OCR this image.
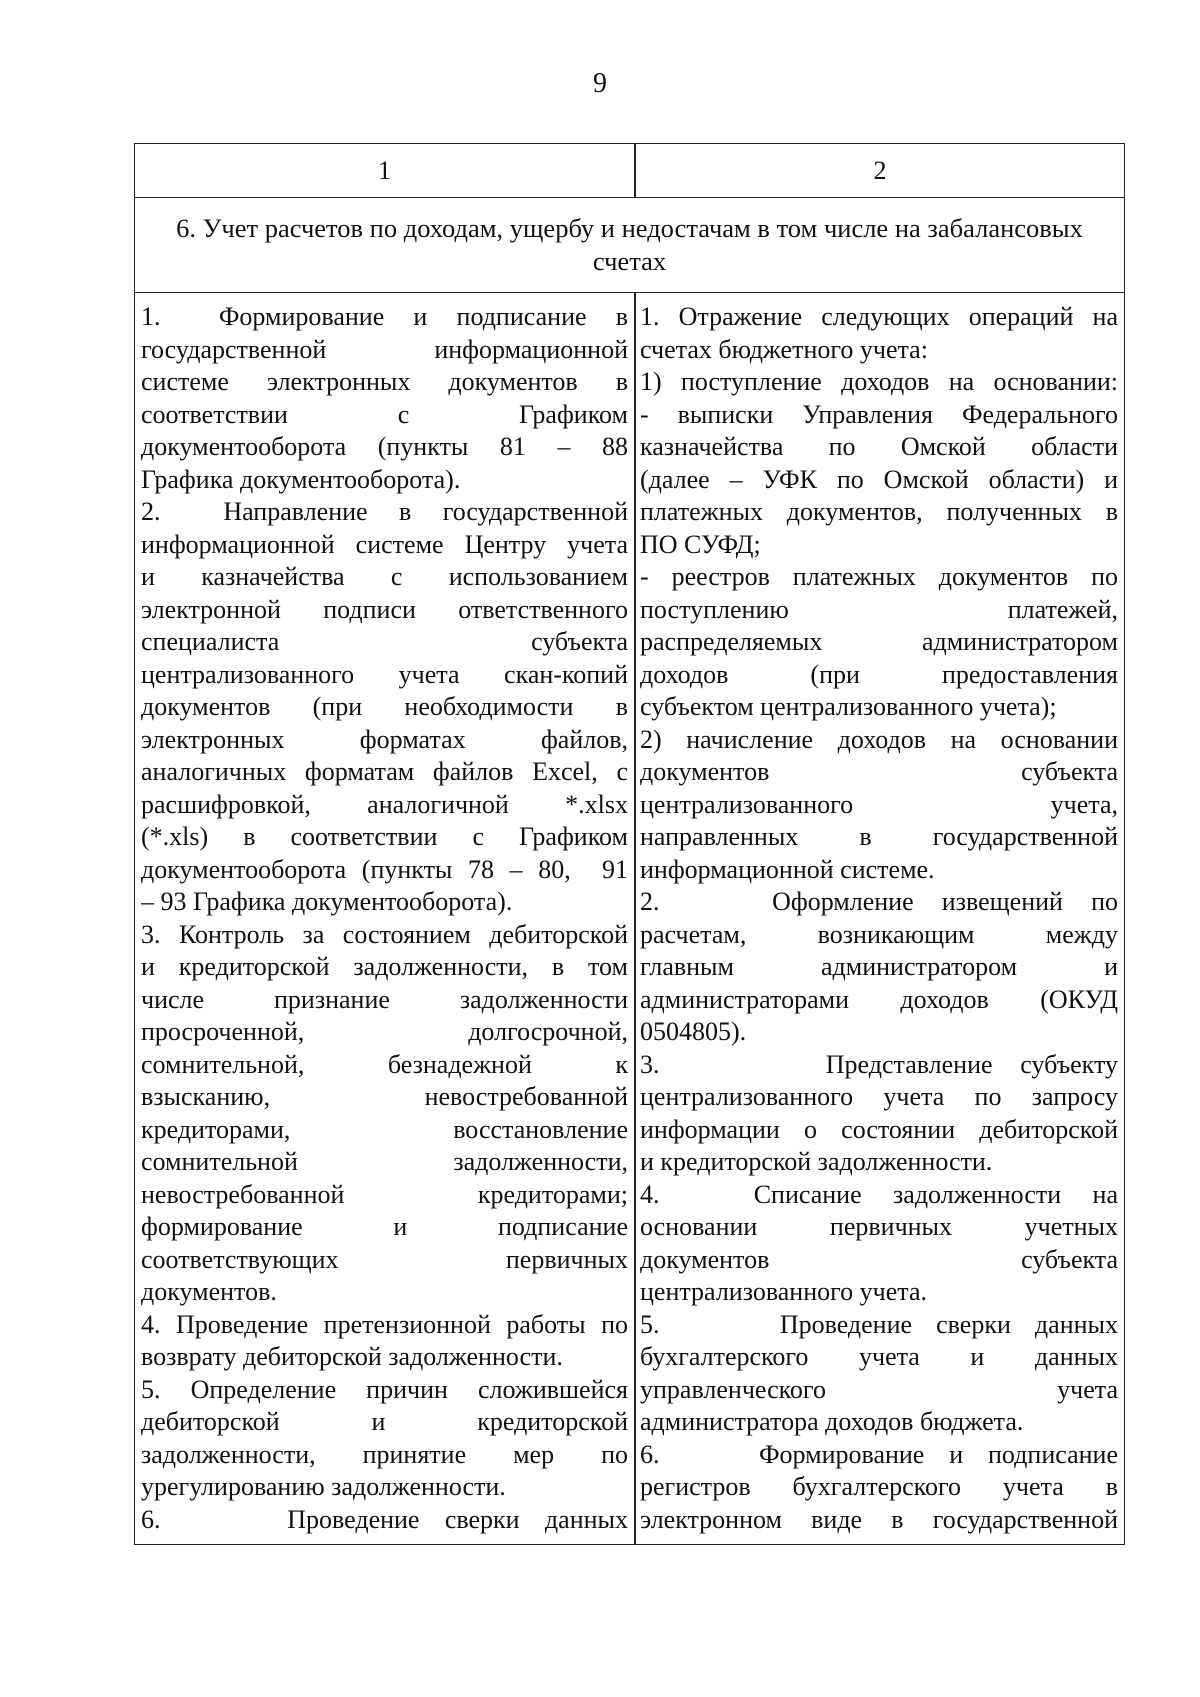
9
1	2
6. Учет расчетов по доходам, ущербу и недостачам в том числе на забалансовых
счетах
1.  Формирование и подписание в
государственной информационной
системе электронных документов в
соответствии с Графиком
документооборота (пункты 81 – 88
Графика документооборота).
2.  Направление в государственной
информационной системе Центру учета
и казначейства с использованием
электронной подписи ответственного
специалиста субъекта
централизованного учета скан-копий
документов (при необходимости в
электронных форматах файлов,
аналогичных форматам файлов Excel, с
расшифровкой, аналогичной *.xlsx
(*.xls) в соответствии с Графиком
документооборота (пункты 78 – 80,  91
– 93 Графика документооборота).
3. Контроль за состоянием дебиторской
и кредиторской задолженности, в том
числе признание задолженности
просроченной, долгосрочной,
сомнительной, безнадежной к
взысканию, невостребованной
кредиторами, восстановление
сомнительной задолженности,
невостребованной кредиторами;
формирование и подписание
соответствующих первичных
документов.
4. Проведение претензионной работы по
возврату дебиторской задолженности.
5. Определение причин сложившейся
дебиторской и кредиторской
задолженности, принятие мер по
урегулированию задолженности.
6.     Проведение сверки данных
1. Отражение следующих операций на
счетах бюджетного учета:
1) поступление доходов на основании:
- выписки Управления Федерального
казначейства по Омской области
(далее – УФК по Омской области) и
платежных документов, полученных в
ПО СУФД;
- реестров платежных документов по
поступлению платежей,
распределяемых администратором
доходов (при предоставления
субъектом централизованного учета);
2) начисление доходов на основании
документов субъекта
централизованного учета,
направленных в государственной
информационной системе.
2.    Оформление извещений по
расчетам, возникающим между
главным администратором и
администраторами доходов (ОКУД
0504805).
3.      Представление субъекту
централизованного учета по запросу
информации о состоянии дебиторской
и кредиторской задолженности.
4.   Списание задолженности на
основании первичных учетных
документов субъекта
централизованного учета.
5.     Проведение сверки данных
бухгалтерского учета и данных
управленческого учета
администратора доходов бюджета.
6.    Формирование и подписание
регистров бухгалтерского учета в
электронном виде в государственной
